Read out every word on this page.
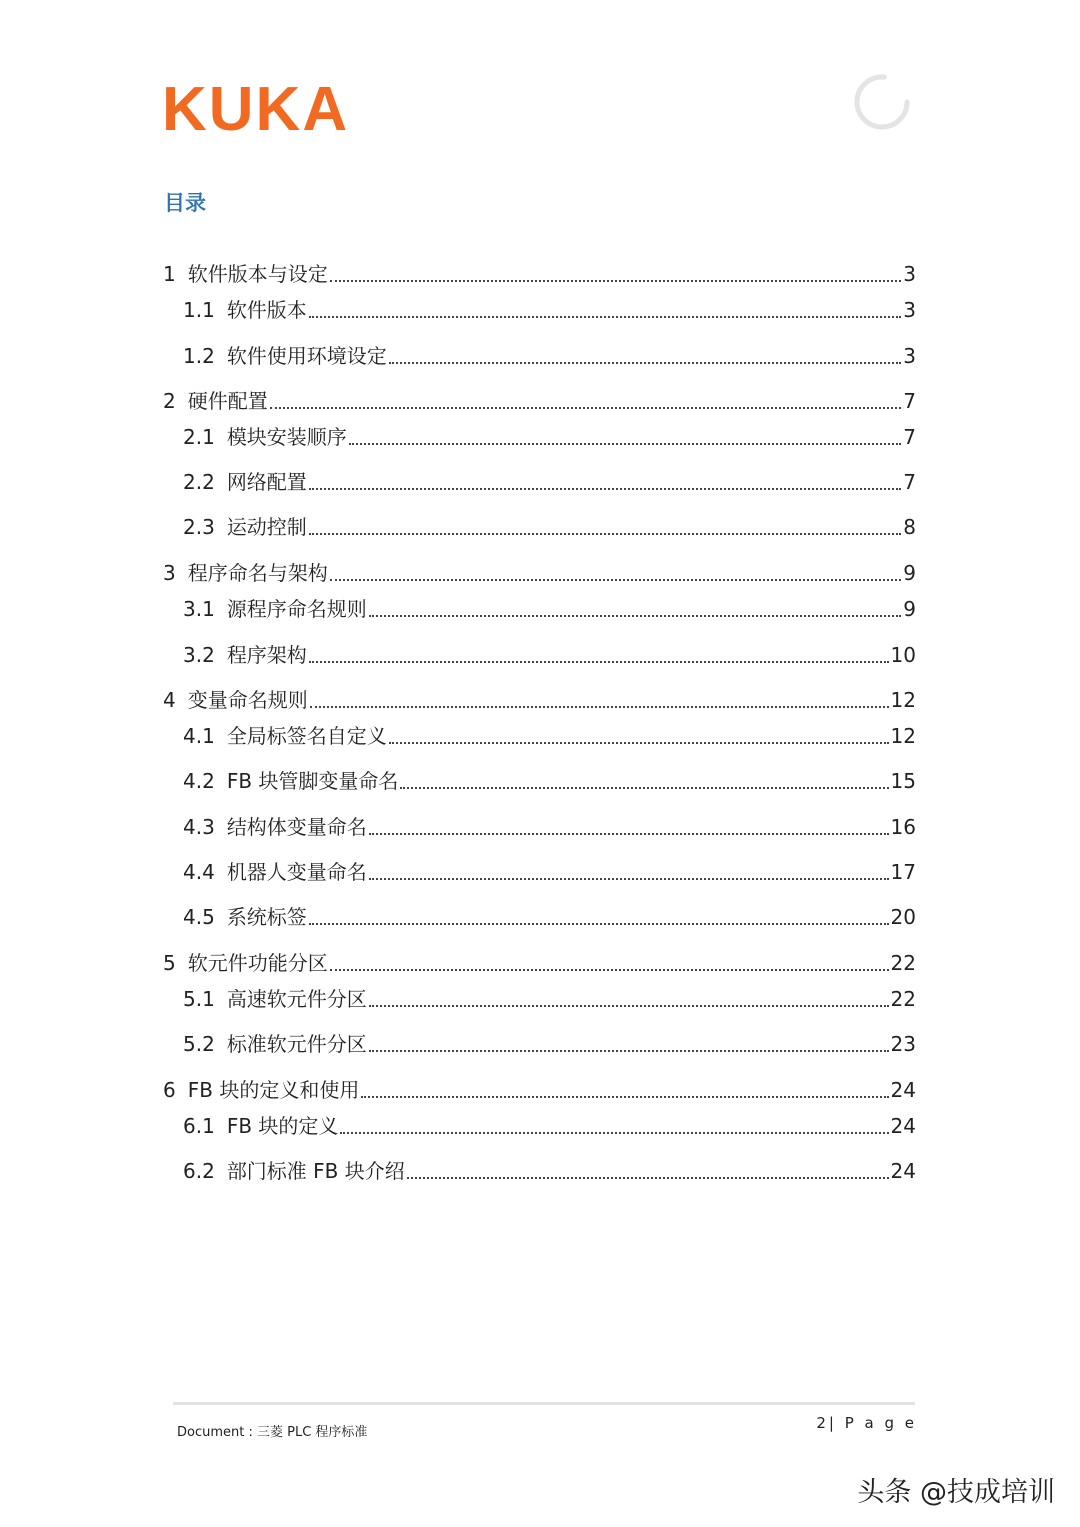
KUKA
目录
1 软件版本与设定	3
1.1 软件版本	3
1.2 软件使用环境设定	3
2 硬件配置	7
2.1 模块安装顺序	7
2.2 网络配置	7
2.3 运动控制	8
3 程序命名与架构	9
3.1 源程序命名规则	9
3.2 程序架构	10
4 变量命名规则	12
4.1 全局标签名自定义	12
4.2 FB 块管脚变量命名	15
4.3 结构体变量命名	16
4.4 机器人变量命名	17
4.5 系统标签	20
5 软元件功能分区	22
5.1 高速软元件分区	22
5.2 标准软元件分区	23
6 FB 块的定义和使用	24
6.1 FB 块的定义	24
6.2 部门标准 FB 块介绍	24
Document : 三菱 PLC 程序标准
2| P a g e
头条 @技成培训
